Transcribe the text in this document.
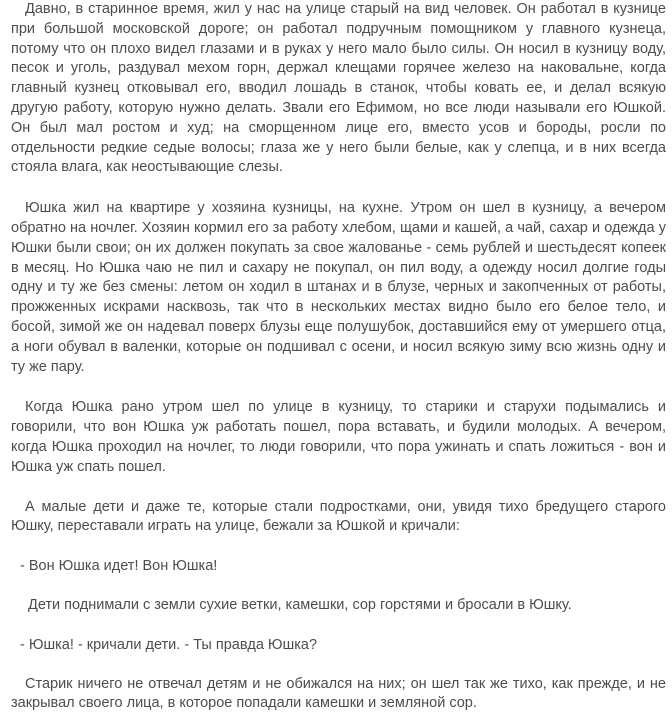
Давно, в старинное время, жил у нас на улице старый на вид человек. Он работал в кузнице при большой московской дороге; он работал подручным помощником у главного кузнеца, потому что он плохо видел глазами и в руках у него мало было силы. Он носил в кузницу воду, песок и уголь, раздувал мехом горн, держал клещами горячее железо на наковальне, когда главный кузнец отковывал его, вводил лошадь в станок, чтобы ковать ее, и делал всякую другую работу, которую нужно делать. Звали его Ефимом, но все люди называли его Юшкой. Он был мал ростом и худ; на сморщенном лице его, вместо усов и бороды, росли по отдельности редкие седые волосы; глаза же у него были белые, как у слепца, и в них всегда стояла влага, как неостывающие слезы.

Юшка жил на квартире у хозяина кузницы, на кухне. Утром он шел в кузницу, а вечером обратно на ночлег. Хозяин кормил его за работу хлебом, щами и кашей, а чай, сахар и одежда у Юшки были свои; он их должен покупать за свое жалованье - семь рублей и шестьдесят копеек в месяц. Но Юшка чаю не пил и сахару не покупал, он пил воду, а одежду носил долгие годы одну и ту же без смены: летом он ходил в штанах и в блузе, черных и закопченных от работы, прожженных искрами насквозь, так что в нескольких местах видно было его белое тело, и босой, зимой же он надевал поверх блузы еще полушубок, доставшийся ему от умершего отца, а ноги обувал в валенки, которые он подшивал с осени, и носил всякую зиму всю жизнь одну и ту же пару.

Когда Юшка рано утром шел по улице в кузницу, то старики и старухи подымались и говорили, что вон Юшка уж работать пошел, пора вставать, и будили молодых. А вечером, когда Юшка проходил на ночлег, то люди говорили, что пора ужинать и спать ложиться - вон и Юшка уж спать пошел.

А малые дети и даже те, которые стали подростками, они, увидя тихо бредущего старого Юшку, переставали играть на улице, бежали за Юшкой и кричали:

- Вон Юшка идет! Вон Юшка!

Дети поднимали с земли сухие ветки, камешки, сор горстями и бросали в Юшку.

- Юшка! - кричали дети. - Ты правда Юшка?

Старик ничего не отвечал детям и не обижался на них; он шел так же тихо, как прежде, и не закрывал своего лица, в которое попадали камешки и земляной сор.
